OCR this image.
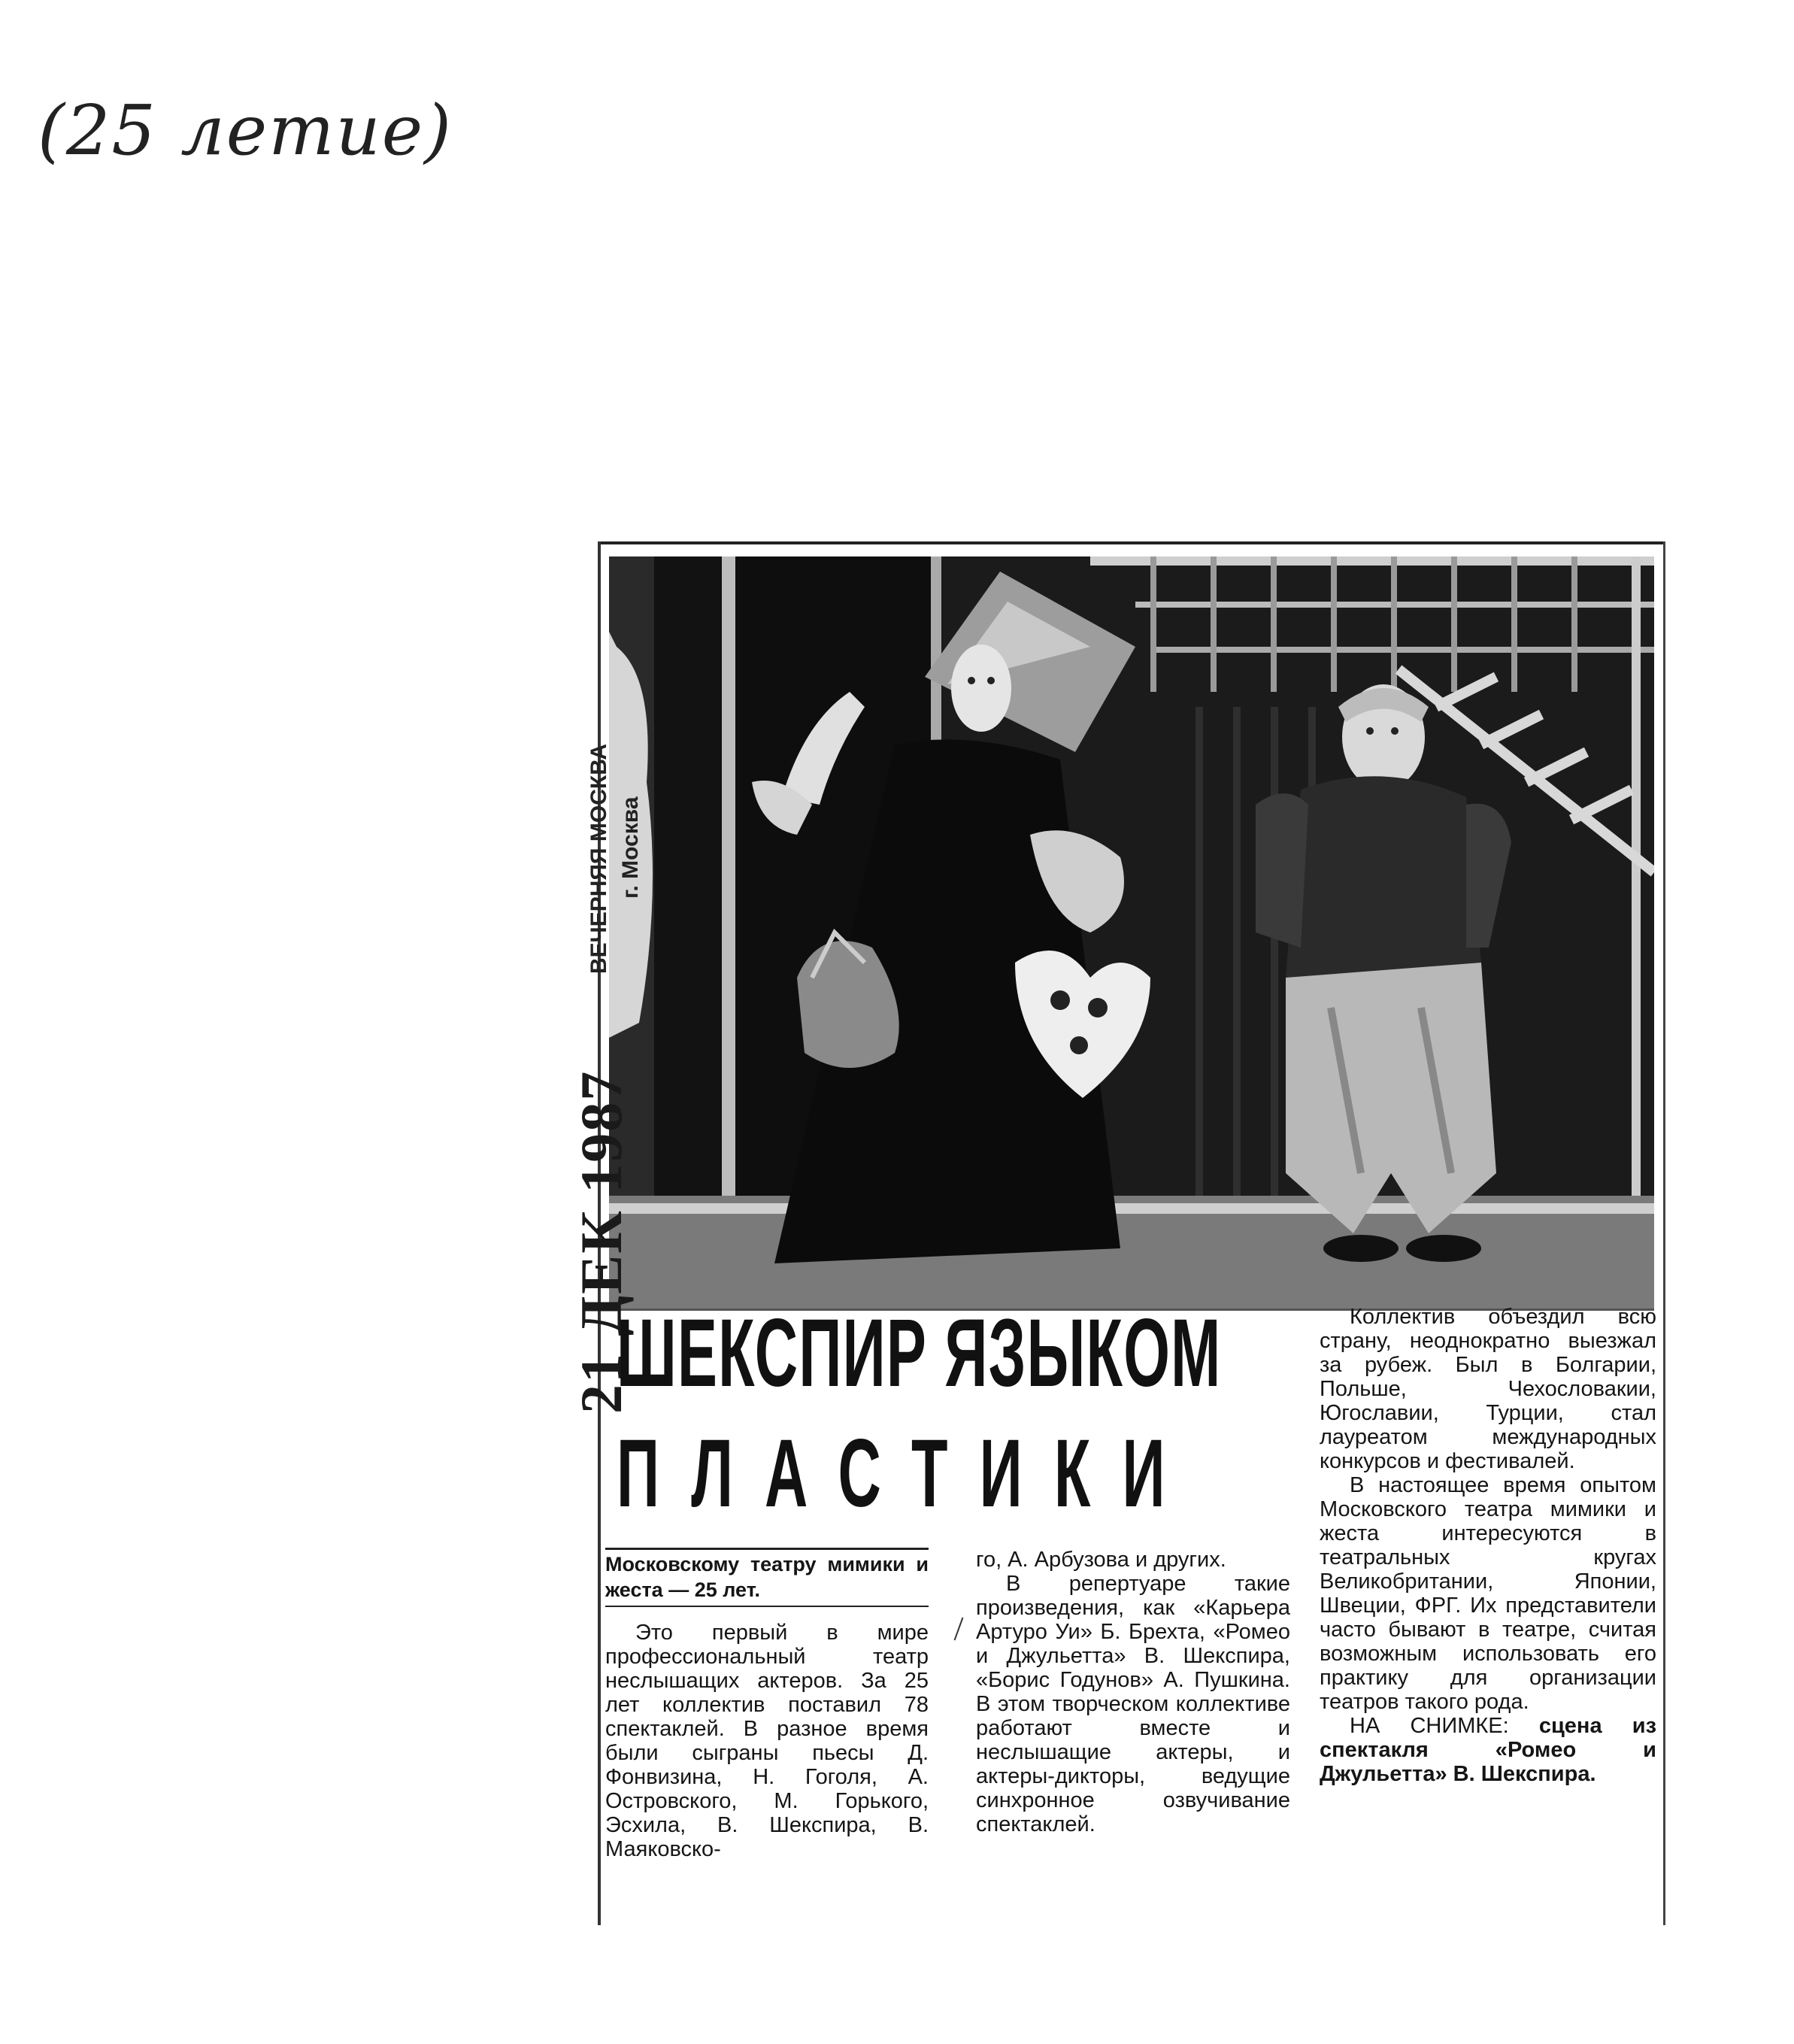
(25 летие)
21 ДЕК 1987
ВЕЧЕРНЯЯ МОСКВА г. Москва
ШЕКСПИР ЯЗЫКОМ
ПЛАСТИКИ
Московскому театру мимики и жеста — 25 лет.

Это первый в мире профессиональный театр неслышащих актеров. За 25 лет коллектив поставил 78 спектаклей. В разное время были сыграны пьесы Д. Фонвизина, Н. Гоголя, А. Островского, М. Горького, Эсхила, В. Шекспира, В. Маяковско-

го, А. Арбузова и других.

В репертуаре такие произведения, как «Карьера Артуро Уи» Б. Брехта, «Ромео и Джульетта» В. Шекспира, «Борис Годунов» А. Пушкина. В этом творческом коллективе работают вместе и неслышащие актеры, и актеры-дикторы, ведущие синхронное озвучивание спектаклей.

Коллектив объездил всю страну, неоднократно выезжал за рубеж. Был в Болгарии, Польше, Чехословакии, Югославии, Турции, стал лауреатом международных конкурсов и фестивалей.

В настоящее время опытом Московского театра мимики и жеста интересуются в театральных кругах Великобритании, Японии, Швеции, ФРГ. Их представители часто бывают в театре, считая возможным использовать его практику для организации театров такого рода.

НА СНИМКЕ: сцена из спектакля «Ромео и Джульетта» В. Шекспира.
